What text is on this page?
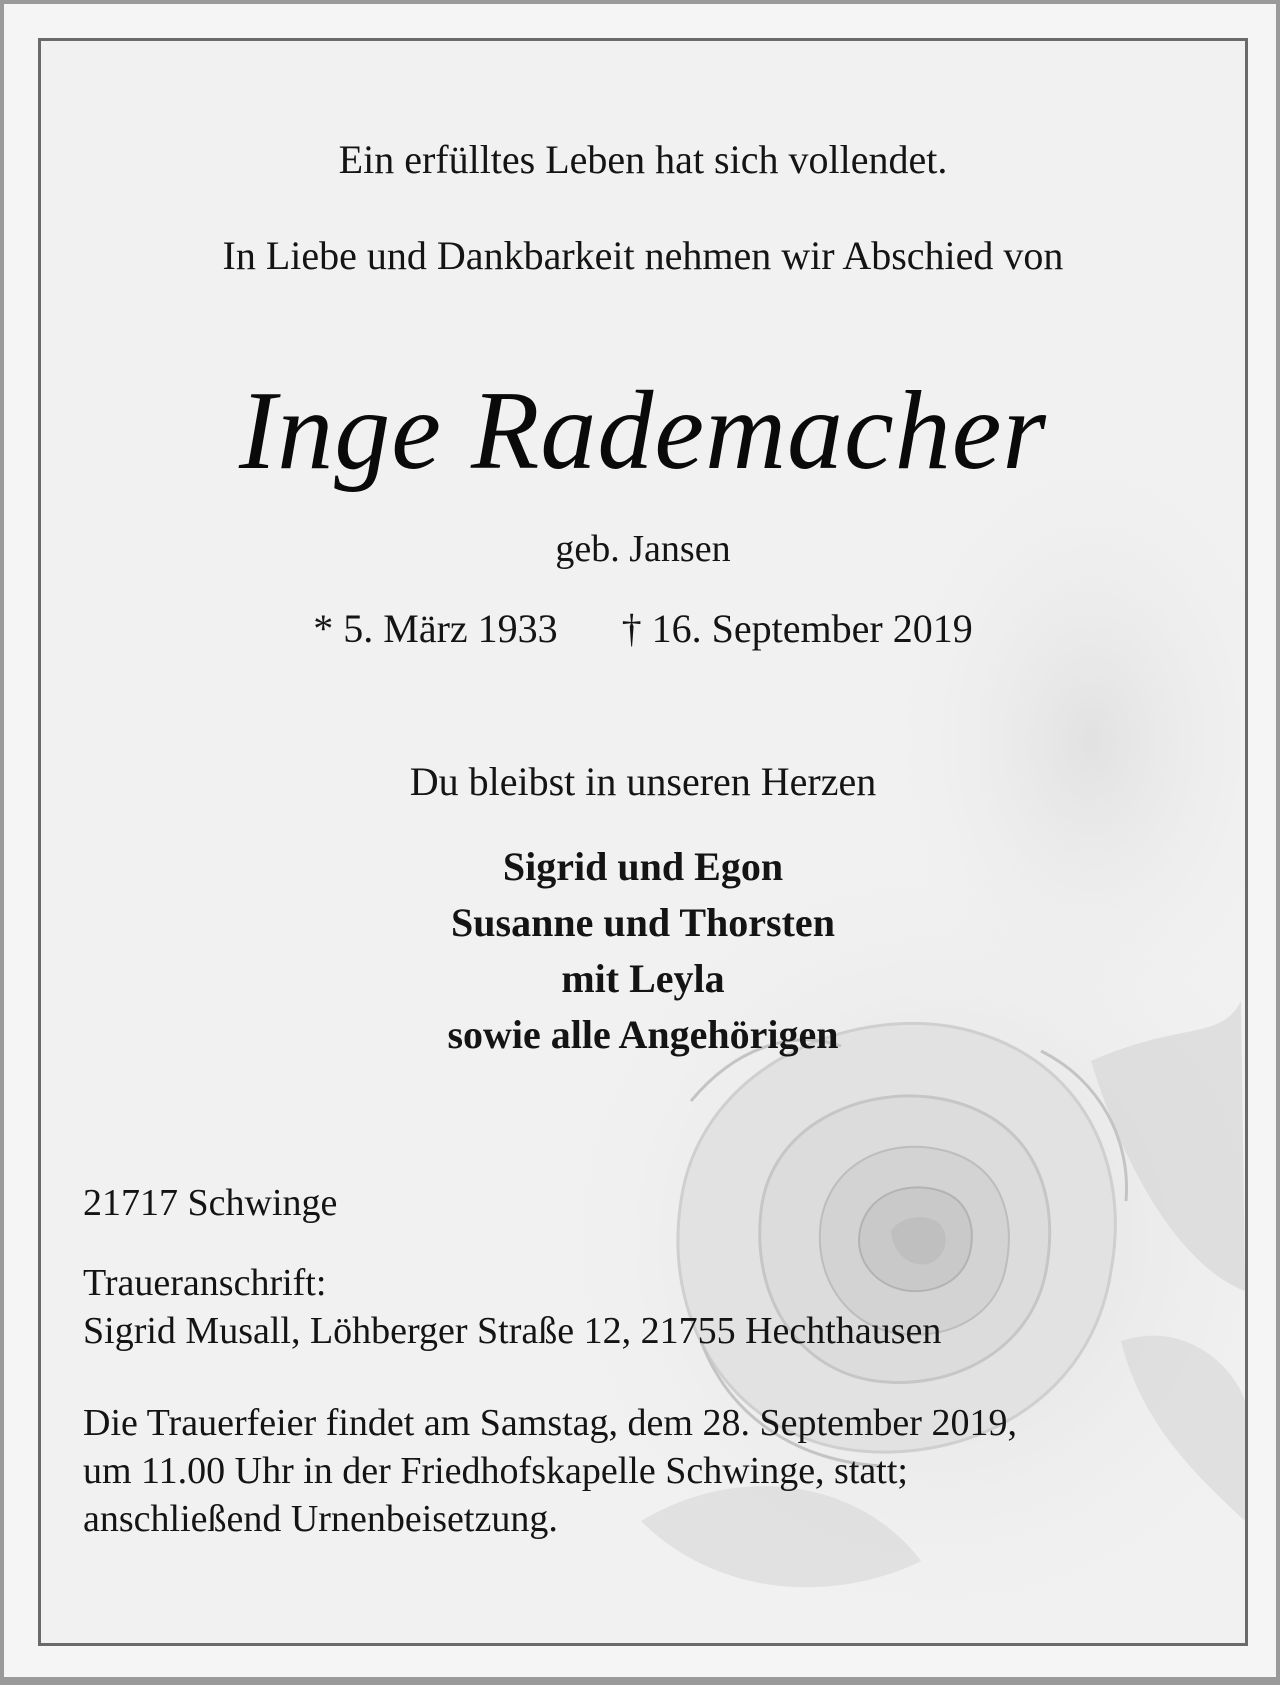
Ein erfülltes Leben hat sich vollendet.
In Liebe und Dankbarkeit nehmen wir Abschied von
Inge Rademacher
geb. Jansen
* 5. März 1933 † 16. September 2019
Du bleibst in unseren Herzen
Sigrid und Egon
Susanne und Thorsten
mit Leyla
sowie alle Angehörigen
21717 Schwinge
Traueranschrift:
Sigrid Musall, Löhberger Straße 12, 21755 Hechthausen
Die Trauerfeier findet am Samstag, dem 28. September 2019,
um 11.00 Uhr in der Friedhofskapelle Schwinge, statt;
anschließend Urnenbeisetzung.
